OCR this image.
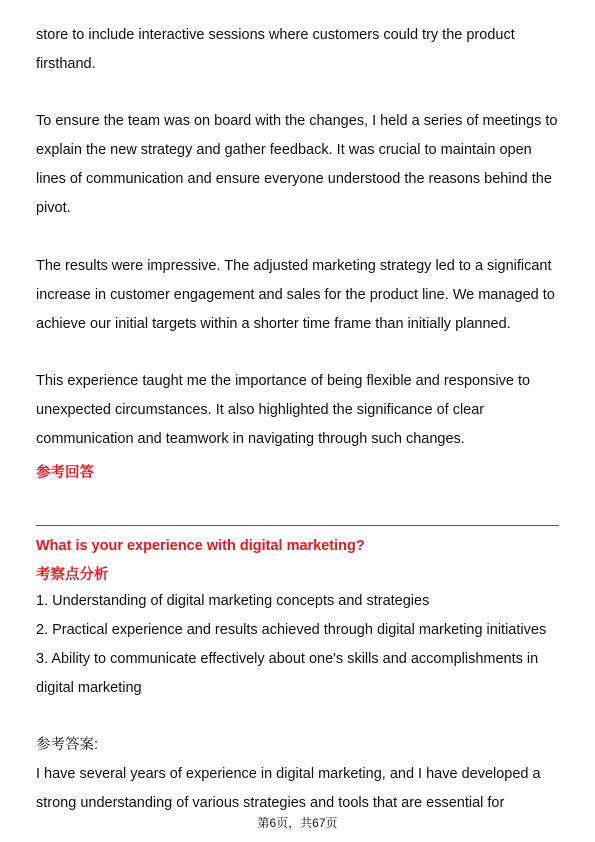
store to include interactive sessions where customers could try the product
firsthand.
To ensure the team was on board with the changes, I held a series of meetings to
explain the new strategy and gather feedback. It was crucial to maintain open
lines of communication and ensure everyone understood the reasons behind the
pivot.
The results were impressive. The adjusted marketing strategy led to a significant
increase in customer engagement and sales for the product line. We managed to
achieve our initial targets within a shorter time frame than initially planned.
This experience taught me the importance of being flexible and responsive to
unexpected circumstances. It also highlighted the significance of clear
communication and teamwork in navigating through such changes.
参考回答
What is your experience with digital marketing?
考察点分析
1. Understanding of digital marketing concepts and strategies
2. Practical experience and results achieved through digital marketing initiatives
3. Ability to communicate effectively about one's skills and accomplishments in
digital marketing
参考答案:
I have several years of experience in digital marketing, and I have developed a
strong understanding of various strategies and tools that are essential for
第6页，共67页
